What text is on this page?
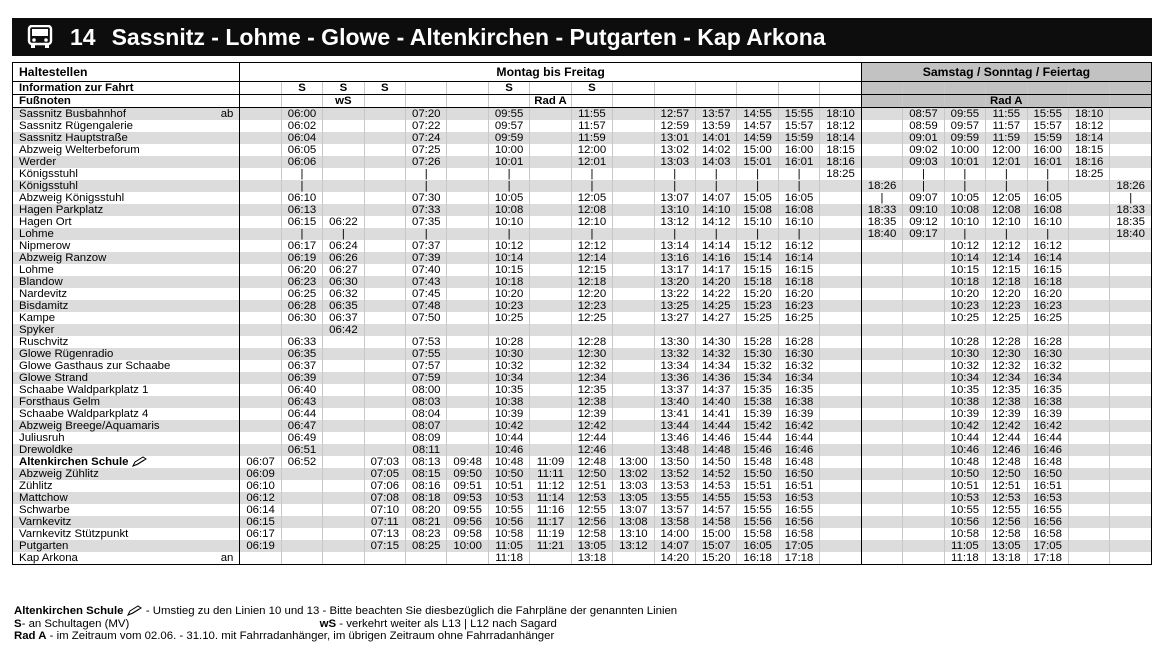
14 Sassnitz - Lohme - Glowe - Altenkirchen - Putgarten - Kap Arkona
Haltestellen	Montag bis Freitag															Samstag / Sonntag / Feiertag						
Information zur Fahrt		S	S	S			S		S													
Fußnoten			wS					Rad A											Rad A			
Sassnitz Busbahnhof ab		06:00			07:20		09:55		11:55		12:57	13:57	14:55	15:55	18:10		08:57	09:55	11:55	15:55	18:10	
Sassnitz Rügengalerie		06:02			07:22		09:57		11:57		12:59	13:59	14:57	15:57	18:12		08:59	09:57	11:57	15:57	18:12	
Sassnitz Hauptstraße		06:04			07:24		09:59		11:59		13:01	14:01	14:59	15:59	18:14		09:01	09:59	11:59	15:59	18:14	
Abzweig Welterbeforum		06:05			07:25		10:00		12:00		13:02	14:02	15:00	16:00	18:15		09:02	10:00	12:00	16:00	18:15	
Werder		06:06			07:26		10:01		12:01		13:03	14:03	15:01	16:01	18:16		09:03	10:01	12:01	16:01	18:16	
Königsstuhl		|			|		|		|		|	|	|	|	18:25		|	|	|	|	18:25	
Königsstuhl		|			|		|		|		|	|	|	|		18:26	|	|	|	|		18:26
Abzweig Königsstuhl		06:10			07:30		10:05		12:05		13:07	14:07	15:05	16:05		|	09:07	10:05	12:05	16:05		|
Hagen Parkplatz		06:13			07:33		10:08		12:08		13:10	14:10	15:08	16:08		18:33	09:10	10:08	12:08	16:08		18:33
Hagen Ort		06:15	06:22		07:35		10:10		12:10		13:12	14:12	15:10	16:10		18:35	09:12	10:10	12:10	16:10		18:35
Lohme		|	|		|		|		|		|	|	|	|		18:40	09:17	|	|	|		18:40
Nipmerow		06:17	06:24		07:37		10:12		12:12		13:14	14:14	15:12	16:12				10:12	12:12	16:12		
Abzweig Ranzow		06:19	06:26		07:39		10:14		12:14		13:16	14:16	15:14	16:14				10:14	12:14	16:14		
Lohme		06:20	06:27		07:40		10:15		12:15		13:17	14:17	15:15	16:15				10:15	12:15	16:15		
Blandow		06:23	06:30		07:43		10:18		12:18		13:20	14:20	15:18	16:18				10:18	12:18	16:18		
Nardevitz		06:25	06:32		07:45		10:20		12:20		13:22	14:22	15:20	16:20				10:20	12:20	16:20		
Bisdamitz		06:28	06:35		07:48		10:23		12:23		13:25	14:25	15:23	16:23				10:23	12:23	16:23		
Kampe		06:30	06:37		07:50		10:25		12:25		13:27	14:27	15:25	16:25				10:25	12:25	16:25		
Spyker			06:42																			
Ruschvitz		06:33			07:53		10:28		12:28		13:30	14:30	15:28	16:28				10:28	12:28	16:28		
Glowe Rügenradio		06:35			07:55		10:30		12:30		13:32	14:32	15:30	16:30				10:30	12:30	16:30		
Glowe Gasthaus zur Schaabe		06:37			07:57		10:32		12:32		13:34	14:34	15:32	16:32				10:32	12:32	16:32		
Glowe Strand		06:39			07:59		10:34		12:34		13:36	14:36	15:34	16:34				10:34	12:34	16:34		
Schaabe Waldparkplatz 1		06:40			08:00		10:35		12:35		13:37	14:37	15:35	16:35				10:35	12:35	16:35		
Forsthaus Gelm		06:43			08:03		10:38		12:38		13:40	14:40	15:38	16:38				10:38	12:38	16:38		
Schaabe Waldparkplatz 4		06:44			08:04		10:39		12:39		13:41	14:41	15:39	16:39				10:39	12:39	16:39		
Abzweig Breege/Aquamaris		06:47			08:07		10:42		12:42		13:44	14:44	15:42	16:42				10:42	12:42	16:42		
Juliusruh		06:49			08:09		10:44		12:44		13:46	14:46	15:44	16:44				10:44	12:44	16:44		
Drewoldke		06:51			08:11		10:46		12:46		13:48	14:48	15:46	16:46				10:46	12:46	16:46		
Altenkirchen Schule	06:07	06:52		07:03	08:13	09:48	10:48	11:09	12:48	13:00	13:50	14:50	15:48	16:48				10:48	12:48	16:48		
Abzweig Zühlitz	06:09			07:05	08:15	09:50	10:50	11:11	12:50	13:02	13:52	14:52	15:50	16:50				10:50	12:50	16:50		
Zühlitz	06:10			07:06	08:16	09:51	10:51	11:12	12:51	13:03	13:53	14:53	15:51	16:51				10:51	12:51	16:51		
Mattchow	06:12			07:08	08:18	09:53	10:53	11:14	12:53	13:05	13:55	14:55	15:53	16:53				10:53	12:53	16:53		
Schwarbe	06:14			07:10	08:20	09:55	10:55	11:16	12:55	13:07	13:57	14:57	15:55	16:55				10:55	12:55	16:55		
Varnkevitz	06:15			07:11	08:21	09:56	10:56	11:17	12:56	13:08	13:58	14:58	15:56	16:56				10:56	12:56	16:56		
Varnkevitz Stützpunkt	06:17			07:13	08:23	09:58	10:58	11:19	12:58	13:10	14:00	15:00	15:58	16:58				10:58	12:58	16:58		
Putgarten	06:19			07:15	08:25	10:00	11:05	11:21	13:05	13:12	14:07	15:07	16:05	17:05				11:05	13:05	17:05		
Kap Arkona an							11:18		13:18		14:20	15:20	16:18	17:18				11:18	13:18	17:18		
Altenkirchen Schule  - Umstieg zu den Linien 10 und 13 - Bitte beachten Sie diesbezüglich die Fahrpläne der genannten Linien
S- an Schultagen (MV)	wS - verkehrt weiter als L13 | L12 nach Sagard
Rad A - im Zeitraum vom 02.06. - 31.10. mit Fahrradanhänger, im übrigen Zeitraum ohne Fahrradanhänger
